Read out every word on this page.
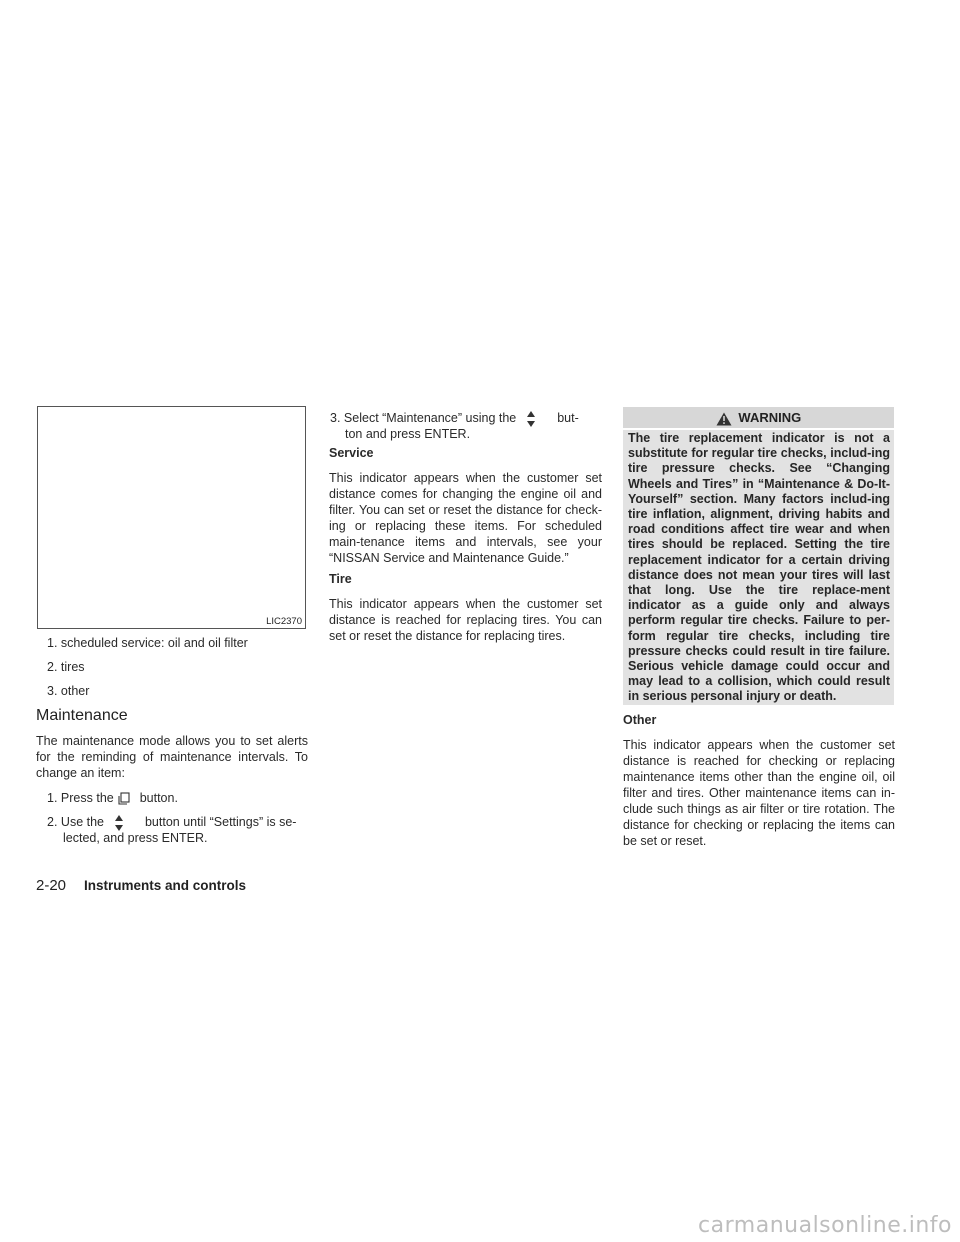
LIC2370

1. scheduled service: oil and oil filter

2. tires

3. other

Maintenance

The maintenance mode allows you to set alerts for the reminding of maintenance intervals. To change an item:

1. Press the button.

2. Use the	button until “Settings” is se-

lected, and press ENTER.

3. Select “Maintenance” using the	but-

ton and press ENTER.

Service

This indicator appears when the customer set distance comes for changing the engine oil and filter. You can set or reset the distance for check-ing or replacing these items. For scheduled main-tenance items and intervals, see your “NISSAN Service and Maintenance Guide.”

Tire

This indicator appears when the customer set distance is reached for replacing tires. You can set or reset the distance for replacing tires.

WARNING
The tire replacement indicator is not a substitute for regular tire checks, includ-ing tire pressure checks. See “Changing Wheels and Tires” in “Maintenance & Do-It-Yourself” section. Many factors includ-ing tire inflation, alignment, driving habits and road conditions affect tire wear and when tires should be replaced. Setting the tire replacement indicator for a certain driving distance does not mean your tires will last that long. Use the tire replace-ment indicator as a guide only and always perform regular tire checks. Failure to per-form regular tire checks, including tire pressure checks could result in tire failure. Serious vehicle damage could occur and may lead to a collision, which could result in serious personal injury or death.
Other

This indicator appears when the customer set distance is reached for checking or replacing maintenance items other than the engine oil, oil filter and tires. Other maintenance items can in-clude such things as air filter or tire rotation. The distance for checking or replacing the items can be set or reset.

2-20 Instruments and controls
carmanualsonline.info
